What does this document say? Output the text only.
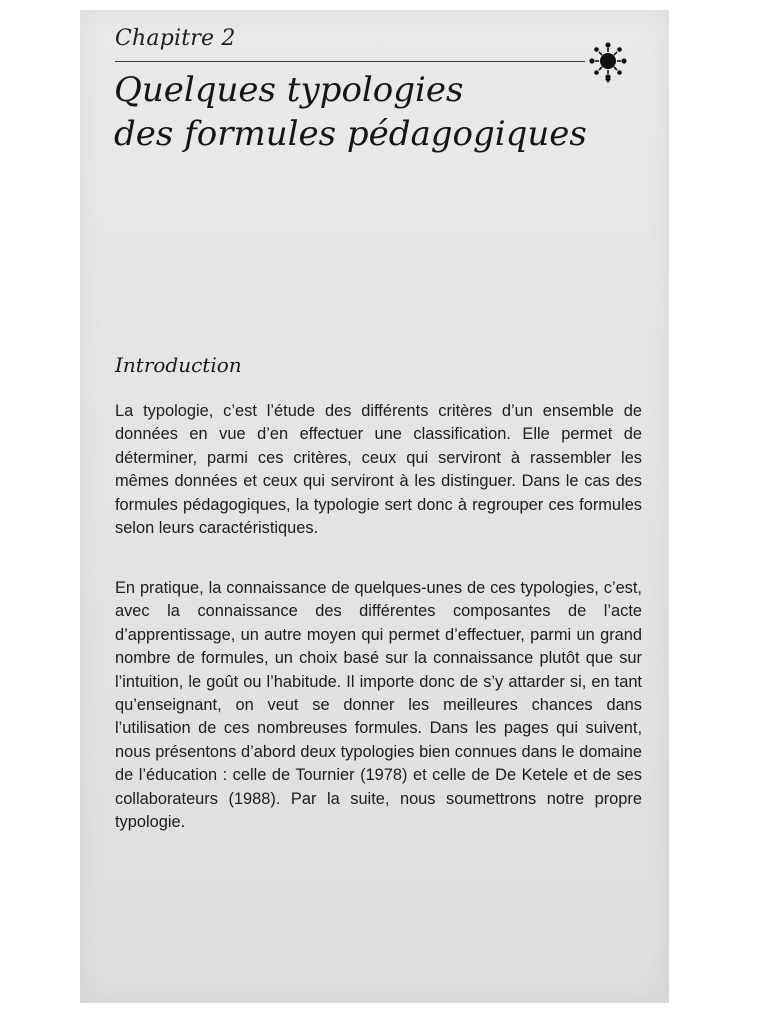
Chapitre 2
Quelques typologies
des formules pédagogiques
Introduction

La typologie, c’est l’étude des différents critères d’un ensemble de données en vue d’en effectuer une classification. Elle permet de déterminer, parmi ces critères, ceux qui serviront à rassembler les mêmes données et ceux qui serviront à les distinguer. Dans le cas des formules pédagogiques, la typologie sert donc à regrouper ces formules selon leurs caractéristiques.

En pratique, la connaissance de quelques-unes de ces typologies, c’est, avec la connaissance des différentes composantes de l’acte d’apprentissage, un autre moyen qui permet d’effectuer, parmi un grand nombre de formules, un choix basé sur la connaissance plutôt que sur l’intuition, le goût ou l’habitude. Il importe donc de s’y attarder si, en tant qu’enseignant, on veut se donner les meilleures chances dans l’utilisation de ces nombreuses formules. Dans les pages qui suivent, nous présentons d’abord deux typologies bien connues dans le domaine de l’éducation : celle de Tournier (1978) et celle de De Ketele et de ses collaborateurs (1988). Par la suite, nous soumettrons notre propre typologie.
